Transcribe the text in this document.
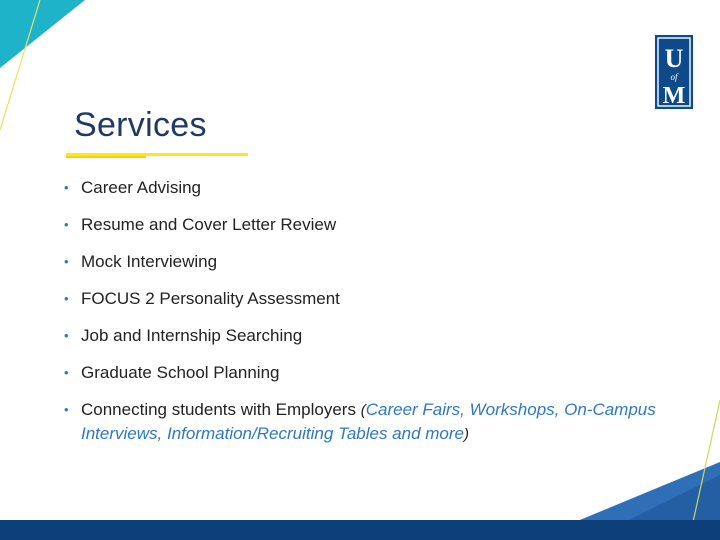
U
of
M
Services
• Career Advising
• Resume and Cover Letter Review
• Mock Interviewing
• FOCUS 2 Personality Assessment
• Job and Internship Searching
• Graduate School Planning
• Connecting students with Employers (Career Fairs, Workshops, On-Campus Interviews, Information/Recruiting Tables and more)
